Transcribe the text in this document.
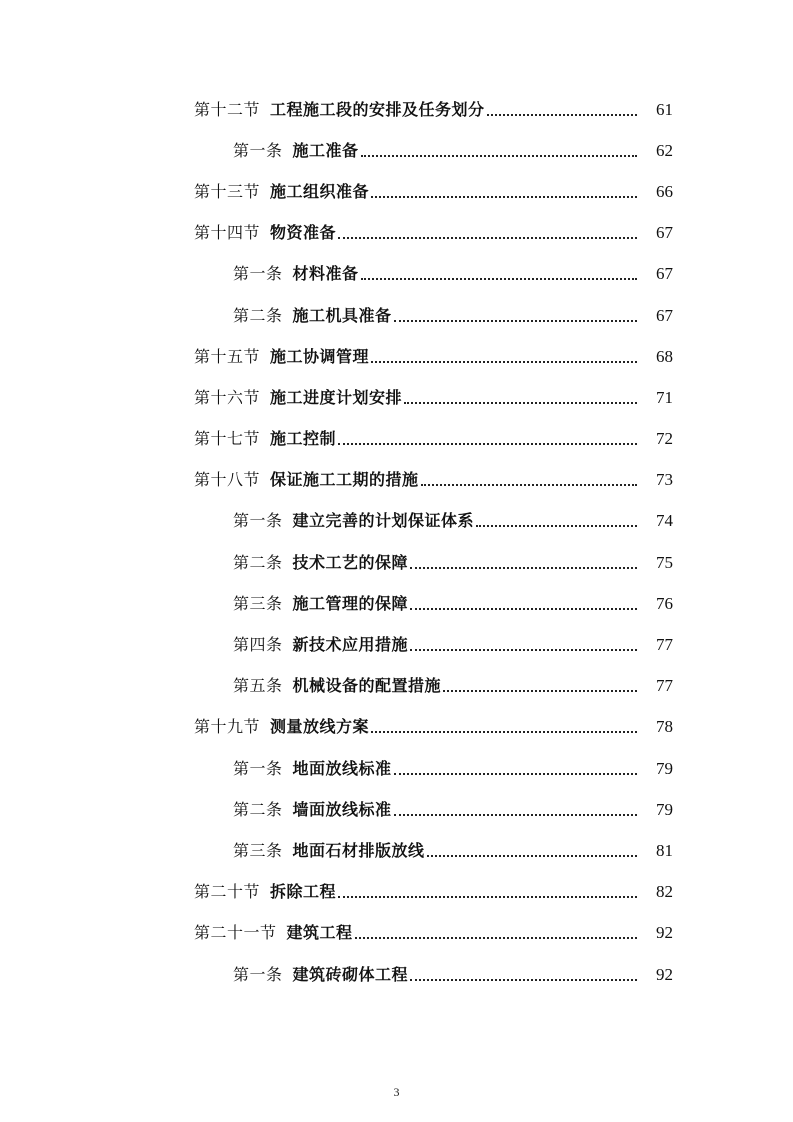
第十二节 工程施工段的安排及任务划分	61
第一条 施工准备	62
第十三节 施工组织准备	66
第十四节 物资准备	67
第一条 材料准备	67
第二条 施工机具准备	67
第十五节 施工协调管理	68
第十六节 施工进度计划安排	71
第十七节 施工控制	72
第十八节 保证施工工期的措施	73
第一条 建立完善的计划保证体系	74
第二条 技术工艺的保障	75
第三条 施工管理的保障	76
第四条 新技术应用措施	77
第五条 机械设备的配置措施	77
第十九节 测量放线方案	78
第一条 地面放线标准	79
第二条 墙面放线标准	79
第三条 地面石材排版放线	81
第二十节 拆除工程	82
第二十一节 建筑工程	92
第一条 建筑砖砌体工程	92
3
